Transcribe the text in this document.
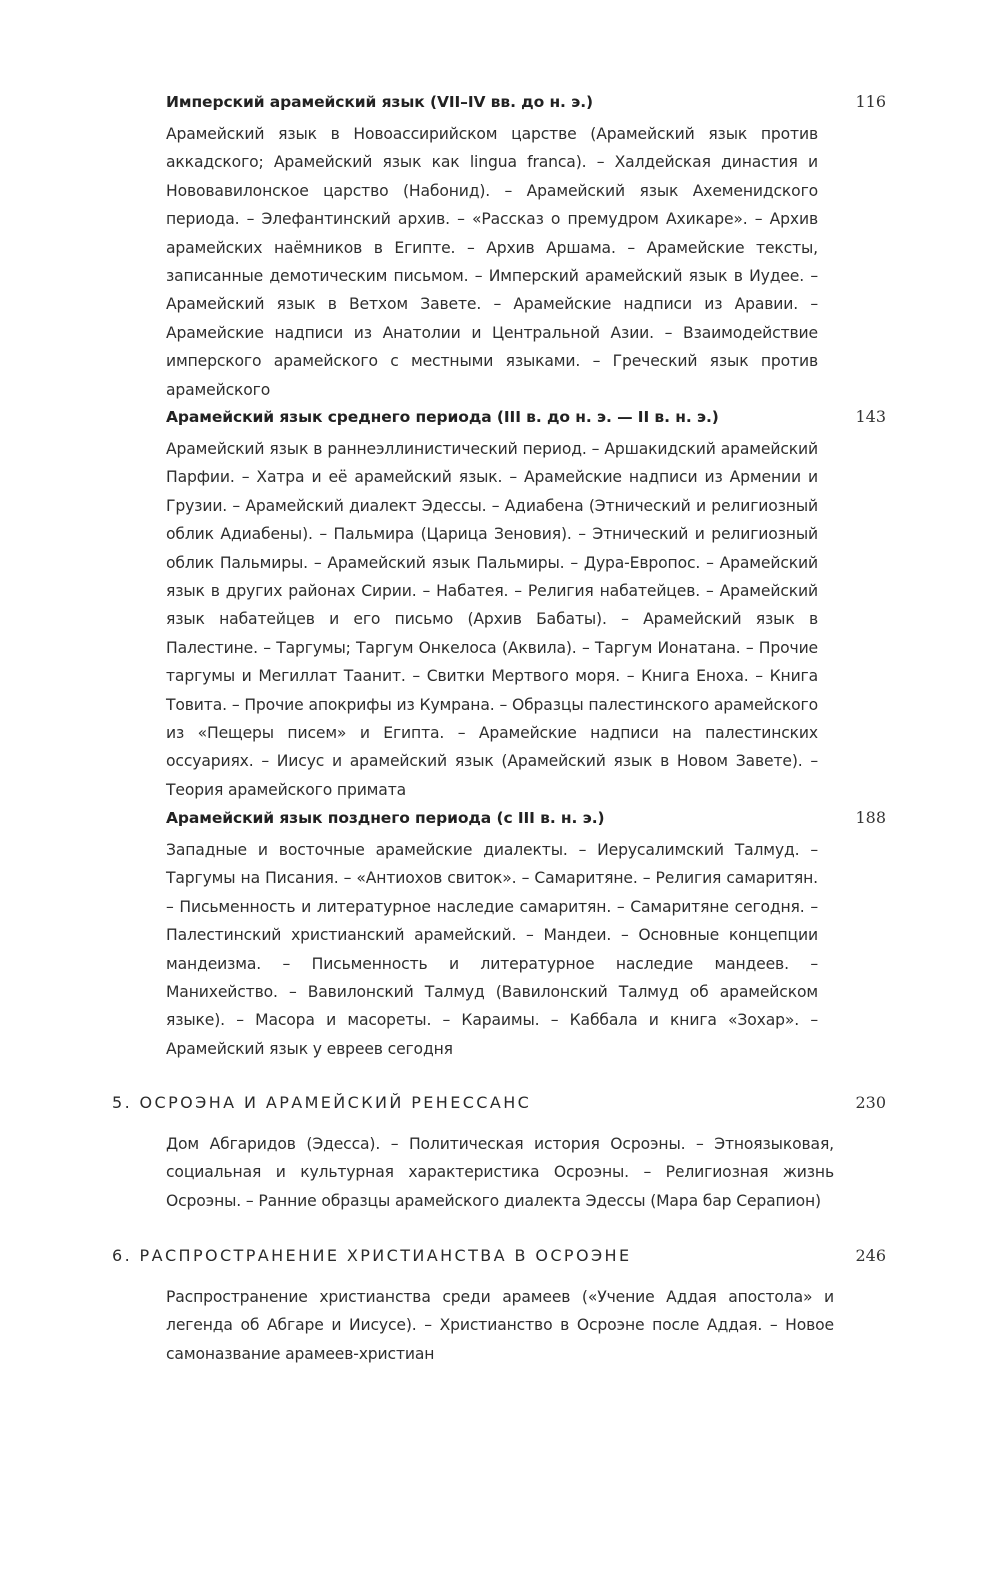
Имперский арамейский язык (VII–IV вв. до н. э.)	116
Арамейский язык в Новоассирийском царстве (Арамейский язык против аккадского; Арамейский язык как lingua franca). – Халдейская династия и Нововавилонское царство (Набонид). – Арамейский язык Ахеменидского периода. – Элефантинский архив. – «Рассказ о премудром Ахикаре». – Архив арамейских наёмников в Египте. – Архив Аршама. – Арамейские тексты, записанные демотическим письмом. – Имперский арамейский язык в Иудее. – Арамейский язык в Ветхом Завете. – Арамейские надписи из Аравии. – Арамейские надписи из Анатолии и Центральной Азии. – Взаимодействие имперского арамейского с местными языками. – Греческий язык против арамейского
Арамейский язык среднего периода (III в. до н. э. — II в. н. э.)	143
Арамейский язык в раннеэллинистический период. – Аршакидский арамейский Парфии. – Хатра и её арамейский язык. – Арамейские надписи из Армении и Грузии. – Арамейский диалект Эдессы. – Адиабена (Этнический и религиозный облик Адиабены). – Пальмира (Царица Зеновия). – Этнический и религиозный облик Пальмиры. – Арамейский язык Пальмиры. – Дура-Европос. – Арамейский язык в других районах Сирии. – Набатея. – Религия набатейцев. – Арамейский язык набатейцев и его письмо (Архив Бабаты). – Арамейский язык в Палестине. – Таргумы; Таргум Онкелоса (Аквила). – Таргум Ионатана. – Прочие таргумы и Мегиллат Таанит. – Свитки Мертвого моря. – Книга Еноха. – Книга Товита. – Прочие апокрифы из Кумрана. – Образцы палестинского арамейского из «Пещеры писем» и Египта. – Арамейские надписи на палестинских оссуариях. – Иисус и арамейский язык (Арамейский язык в Новом Завете). – Теория арамейского примата
Арамейский язык позднего периода (с III в. н. э.)	188
Западные и восточные арамейские диалекты. – Иерусалимский Талмуд. – Таргумы на Писания. – «Антиохов свиток». – Самаритяне. – Религия самаритян. – Письменность и литературное наследие самаритян. – Самаритяне сегодня. – Палестинский христианский арамейский. – Мандеи. – Основные концепции мандеизма. – Письменность и литературное наследие мандеев. – Манихейство. – Вавилонский Талмуд (Вавилонский Талмуд об арамейском языке). – Масора и масореты. – Караимы. – Каббала и книга «Зохар». – Арамейский язык у евреев сегодня
5. ОСРОЭНА И АРАМЕЙСКИЙ РЕНЕССАНС	230
Дом Абгаридов (Эдесса). – Политическая история Осроэны. – Этноязыковая, социальная и культурная характеристика Осроэны. – Религиозная жизнь Осроэны. – Ранние образцы арамейского диалекта Эдессы (Мара бар Серапион)
6. РАСПРОСТРАНЕНИЕ ХРИСТИАНСТВА В ОСРОЭНЕ	246
Распространение христианства среди арамеев («Учение Аддая апостола» и легенда об Абгаре и Иисусе). – Христианство в Осроэне после Аддая. – Новое самоназвание арамеев-христиан
